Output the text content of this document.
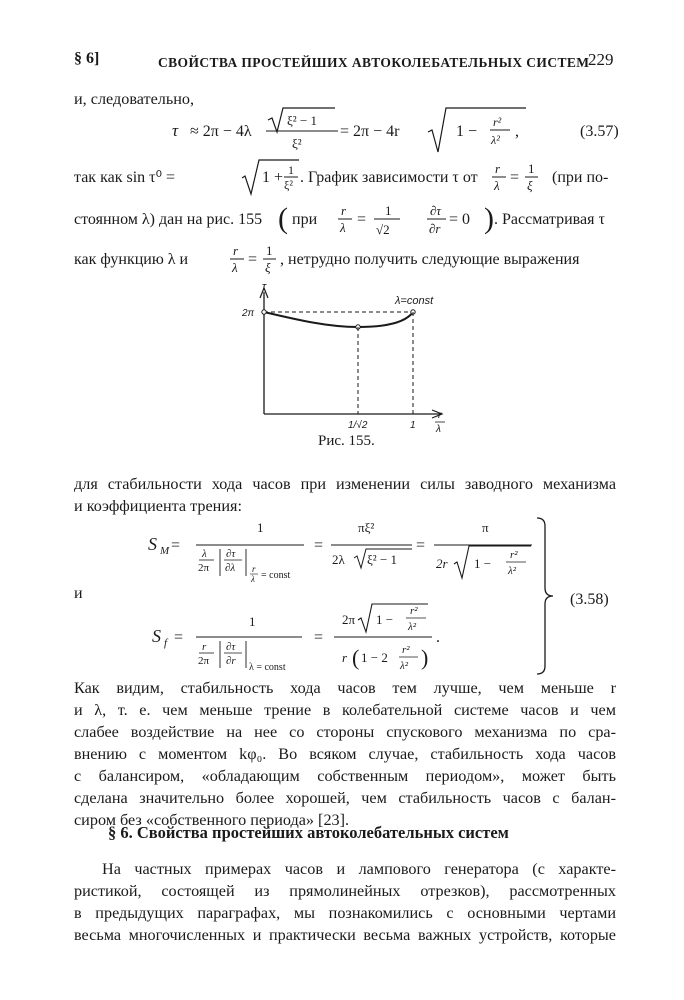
§ 6]	СВОЙСТВА ПРОСТЕЙШИХ АВТОКОЛЕБАТЕЛЬНЫХ СИСТЕМ
229
и, следовательно,
τ ≈ 2π − 4λ
ξ² − 1
ξ²
= 2π − 4r	1 −
r²
λ² ,	(3.57)
так как sin τ⁰ =	1 + 1
ξ² . График зависимости τ от
r
λ =
1
ξ (при по-
стоянном λ) дан на рис. 155 ( при
r
λ =
1
√2
∂τ
∂r
= 0 ) . Рассматривая τ
как функцию λ и
r
λ =
1
ξ , нетрудно получить следующие выражения
τ
2π
λ=const
r
λ
1/√2	1
Рис. 155.
для стабильности хода часов при изменении силы заводного механизма
и коэффициента трения:
S M =
1
λ
2π
∂τ
∂λ r
λ = const
=
πξ²
2λ ξ² − 1
=
π
2r 1 −
r²
λ²
(3.58)
и
S f =
1
r
2π
∂τ
∂r
λ = const
=
2π 1 −
r²
λ²
r ( 1 − 2 r²
λ² )
.
Как видим, стабильность хода часов тем лучше, чем меньше r
и λ, т. е. чем меньше трение в колебательной системе часов и чем
слабее воздействие на нее со стороны спускового механизма по сра-
внению с моментом kφ₀. Во всяком случае, стабильность хода часов
с балансиром, «обладающим собственным периодом», может быть
сделана значительно более хорошей, чем стабильность часов с балан-
сиром без «собственного периода» [23].
§ 6. Свойства простейших автоколебательных систем
На частных примерах часов и лампового генератора (с характе-
ристикой, состоящей из прямолинейных отрезков), рассмотренных
в предыдущих параграфах, мы познакомились с основными чертами
весьма многочисленных и практически весьма важных устройств, которые
